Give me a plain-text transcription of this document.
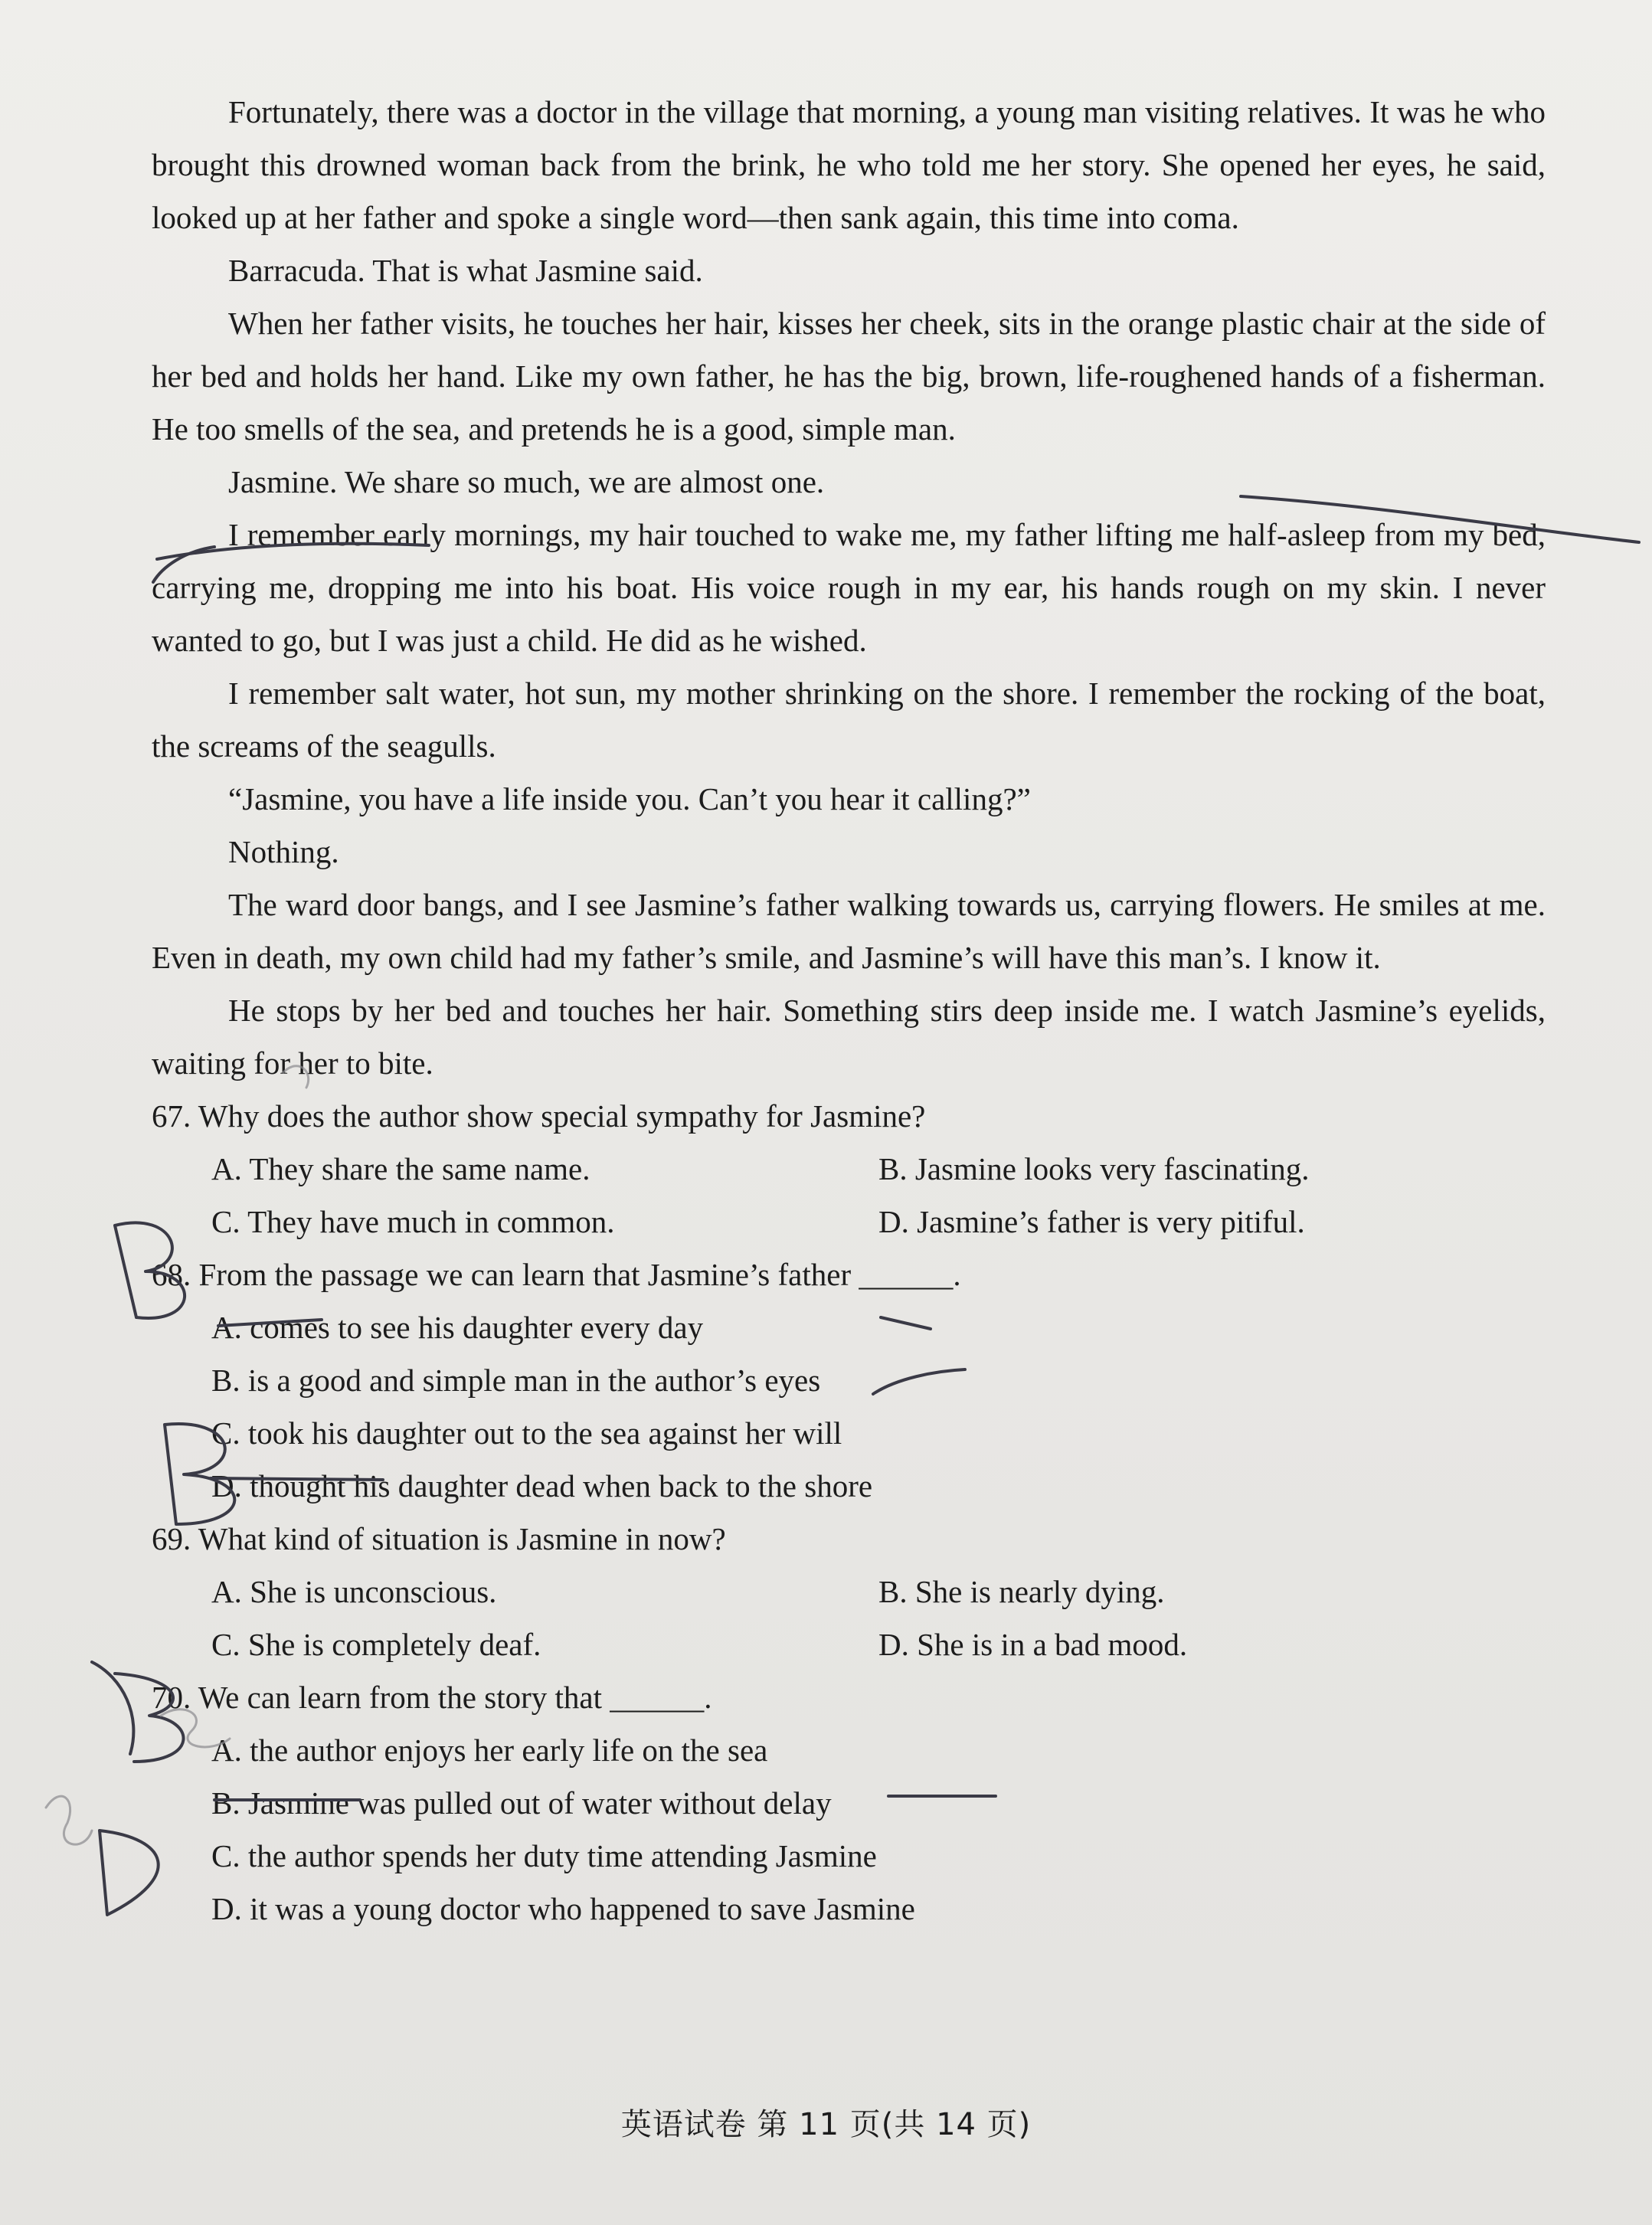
Fortunately, there was a doctor in the village that morning, a young man visiting relatives. It was he who brought this drowned woman back from the brink, he who told me her story. She opened her eyes, he said, looked up at her father and spoke a single word—then sank again, this time into coma.

Barracuda. That is what Jasmine said.

When her father visits, he touches her hair, kisses her cheek, sits in the orange plastic chair at the side of her bed and holds her hand. Like my own father, he has the big, brown, life-roughened hands of a fisherman. He too smells of the sea, and pretends he is a good, simple man.

Jasmine. We share so much, we are almost one.

I remember early mornings, my hair touched to wake me, my father lifting me half-asleep from my bed, carrying me, dropping me into his boat. His voice rough in my ear, his hands rough on my skin. I never wanted to go, but I was just a child. He did as he wished.

I remember salt water, hot sun, my mother shrinking on the shore. I remember the rocking of the boat, the screams of the seagulls.

“Jasmine, you have a life inside you. Can’t you hear it calling?”

Nothing.

The ward door bangs, and I see Jasmine’s father walking towards us, carrying flowers. He smiles at me. Even in death, my own child had my father’s smile, and Jasmine’s will have this man’s. I know it.

He stops by her bed and touches her hair. Something stirs deep inside me. I watch Jasmine’s eyelids, waiting for her to bite.

67. Why does the author show special sympathy for Jasmine?

A. They share the same name.	B. Jasmine looks very fascinating.
C. They have much in common.	D. Jasmine’s father is very pitiful.

68. From the passage we can learn that Jasmine’s father ______.

A. comes to see his daughter every day
B. is a good and simple man in the author’s eyes
C. took his daughter out to the sea against her will
D. thought his daughter dead when back to the shore

69. What kind of situation is Jasmine in now?

A. She is unconscious.	B. She is nearly dying.
C. She is completely deaf.	D. She is in a bad mood.

70. We can learn from the story that ______.

A. the author enjoys her early life on the sea
B. Jasmine was pulled out of water without delay
C. the author spends her duty time attending Jasmine
D. it was a young doctor who happened to save Jasmine
英语试卷 第 11 页(共 14 页)
